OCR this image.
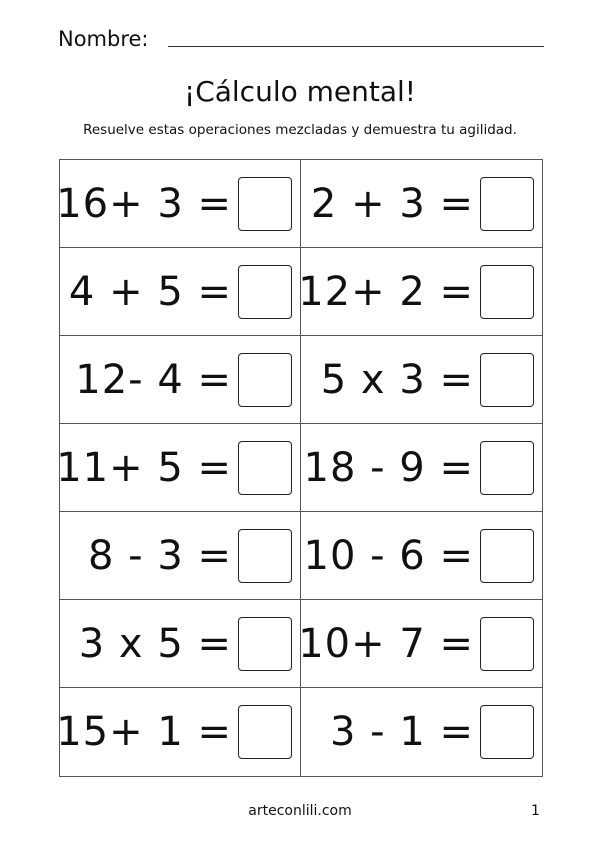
Nombre:
¡Cálculo mental!
Resuelve estas operaciones mezcladas y demuestra tu agilidad.
16+ 3 = 2 + 3 =
4 + 5 = 12+ 2 =
12- 4 = 5 x 3 =
11+ 5 = 18 - 9 =
8 - 3 = 10 - 6 =
3 x 5 = 10+ 7 =
15+ 1 = 3 - 1 =
arteconlili.com	1
